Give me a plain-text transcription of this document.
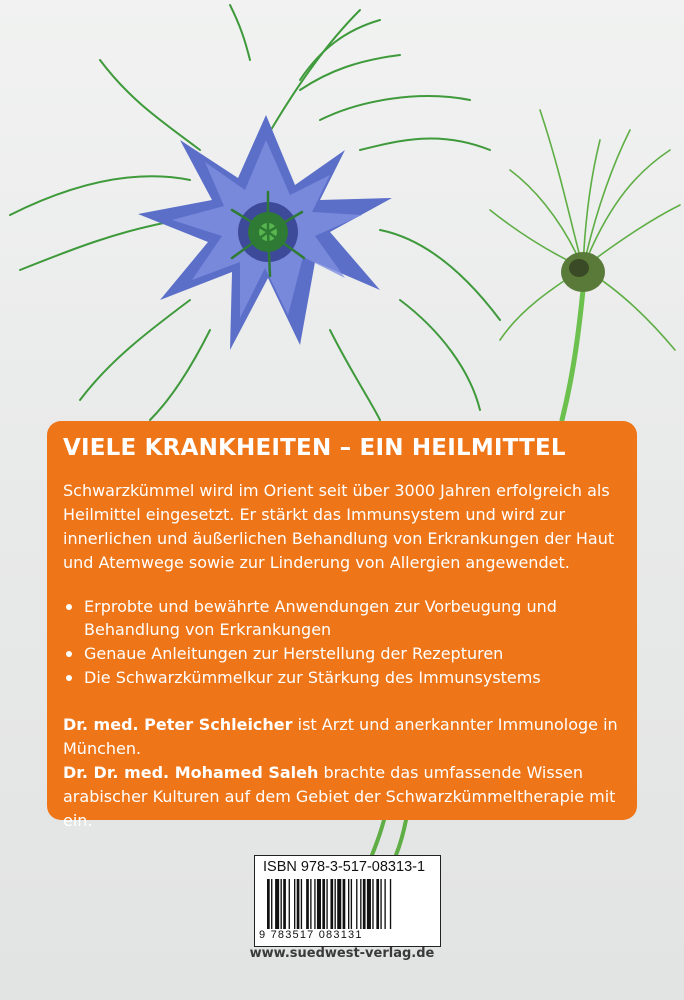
VIELE KRANKHEITEN – EIN HEILMITTEL

Schwarzkümmel wird im Orient seit über 3000 Jahren erfolgreich als Heilmittel eingesetzt. Er stärkt das Immunsystem und wird zur innerlichen und äußerlichen Behandlung von Erkrankungen der Haut und Atemwege sowie zur Linderung von Allergien angewendet.

Erprobte und bewährte Anwendungen zur Vorbeugung und Behandlung von Erkrankungen
Genaue Anleitungen zur Herstellung der Rezepturen
Die Schwarzkümmelkur zur Stärkung des Immunsystems

Dr. med. Peter Schleicher ist Arzt und anerkannter Immunologe in München.
Dr. Dr. med. Mohamed Saleh brachte das umfassende Wissen arabischer Kulturen auf dem Gebiet der Schwarzkümmeltherapie mit ein.

ISBN 978-3-517-08313-1
9 783517 083131
www.suedwest-verlag.de
